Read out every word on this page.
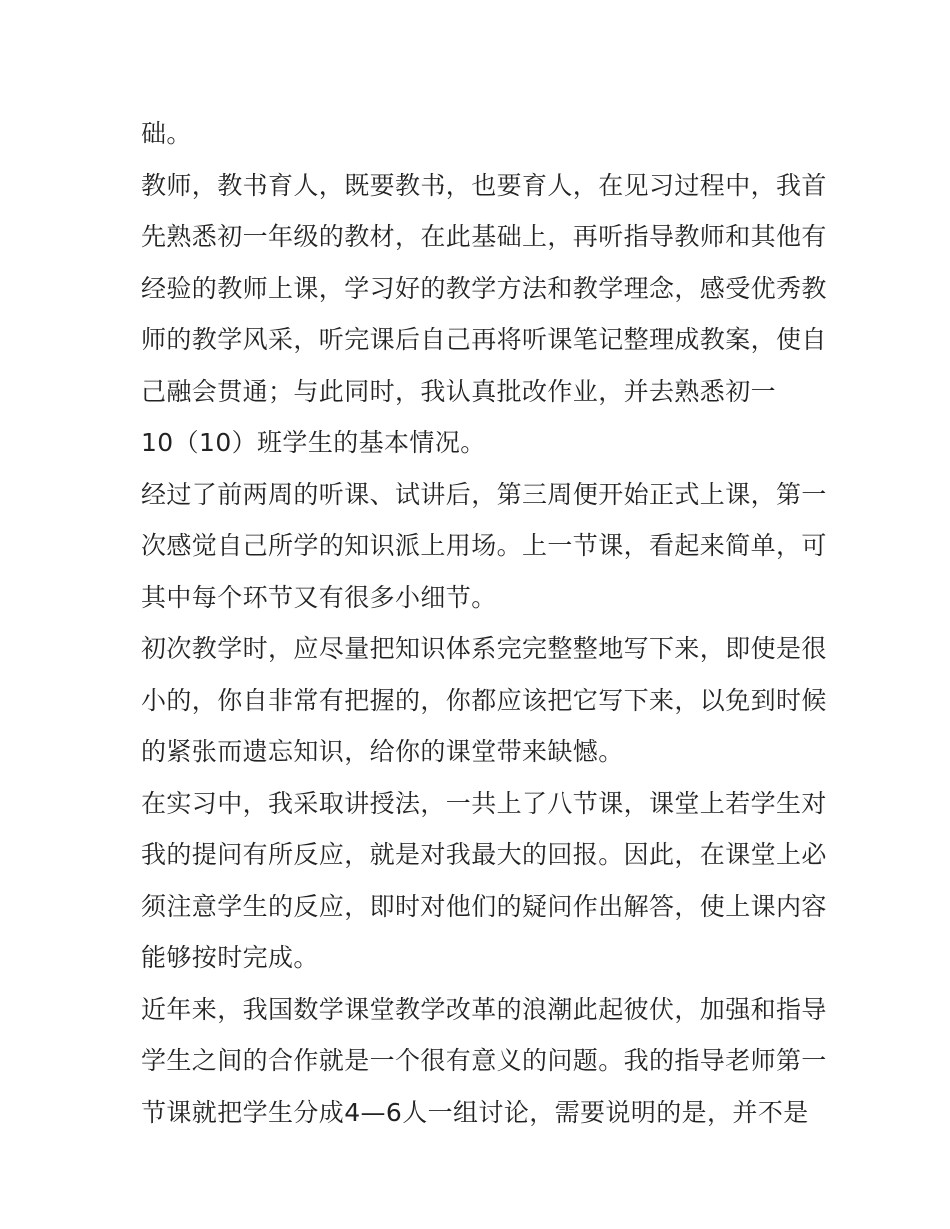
础。
教师，教书育人，既要教书，也要育人，在见习过程中，我首
先熟悉初一年级的教材，在此基础上，再听指导教师和其他有
经验的教师上课，学习好的教学方法和教学理念，感受优秀教
师的教学风采，听完课后自己再将听课笔记整理成教案，使自
己融会贯通；与此同时，我认真批改作业，并去熟悉初一
10（10）班学生的基本情况。
经过了前两周的听课、试讲后，第三周便开始正式上课，第一
次感觉自己所学的知识派上用场。上一节课，看起来简单，可
其中每个环节又有很多小细节。
初次教学时，应尽量把知识体系完完整整地写下来，即使是很
小的，你自非常有把握的，你都应该把它写下来，以免到时候
的紧张而遗忘知识，给你的课堂带来缺憾。
在实习中，我采取讲授法，一共上了八节课，课堂上若学生对
我的提问有所反应，就是对我最大的回报。因此，在课堂上必
须注意学生的反应，即时对他们的疑问作出解答，使上课内容
能够按时完成。
近年来，我国数学课堂教学改革的浪潮此起彼伏，加强和指导
学生之间的合作就是一个很有意义的问题。我的指导老师第一
节课就把学生分成4—6人一组讨论，需要说明的是，并不是
